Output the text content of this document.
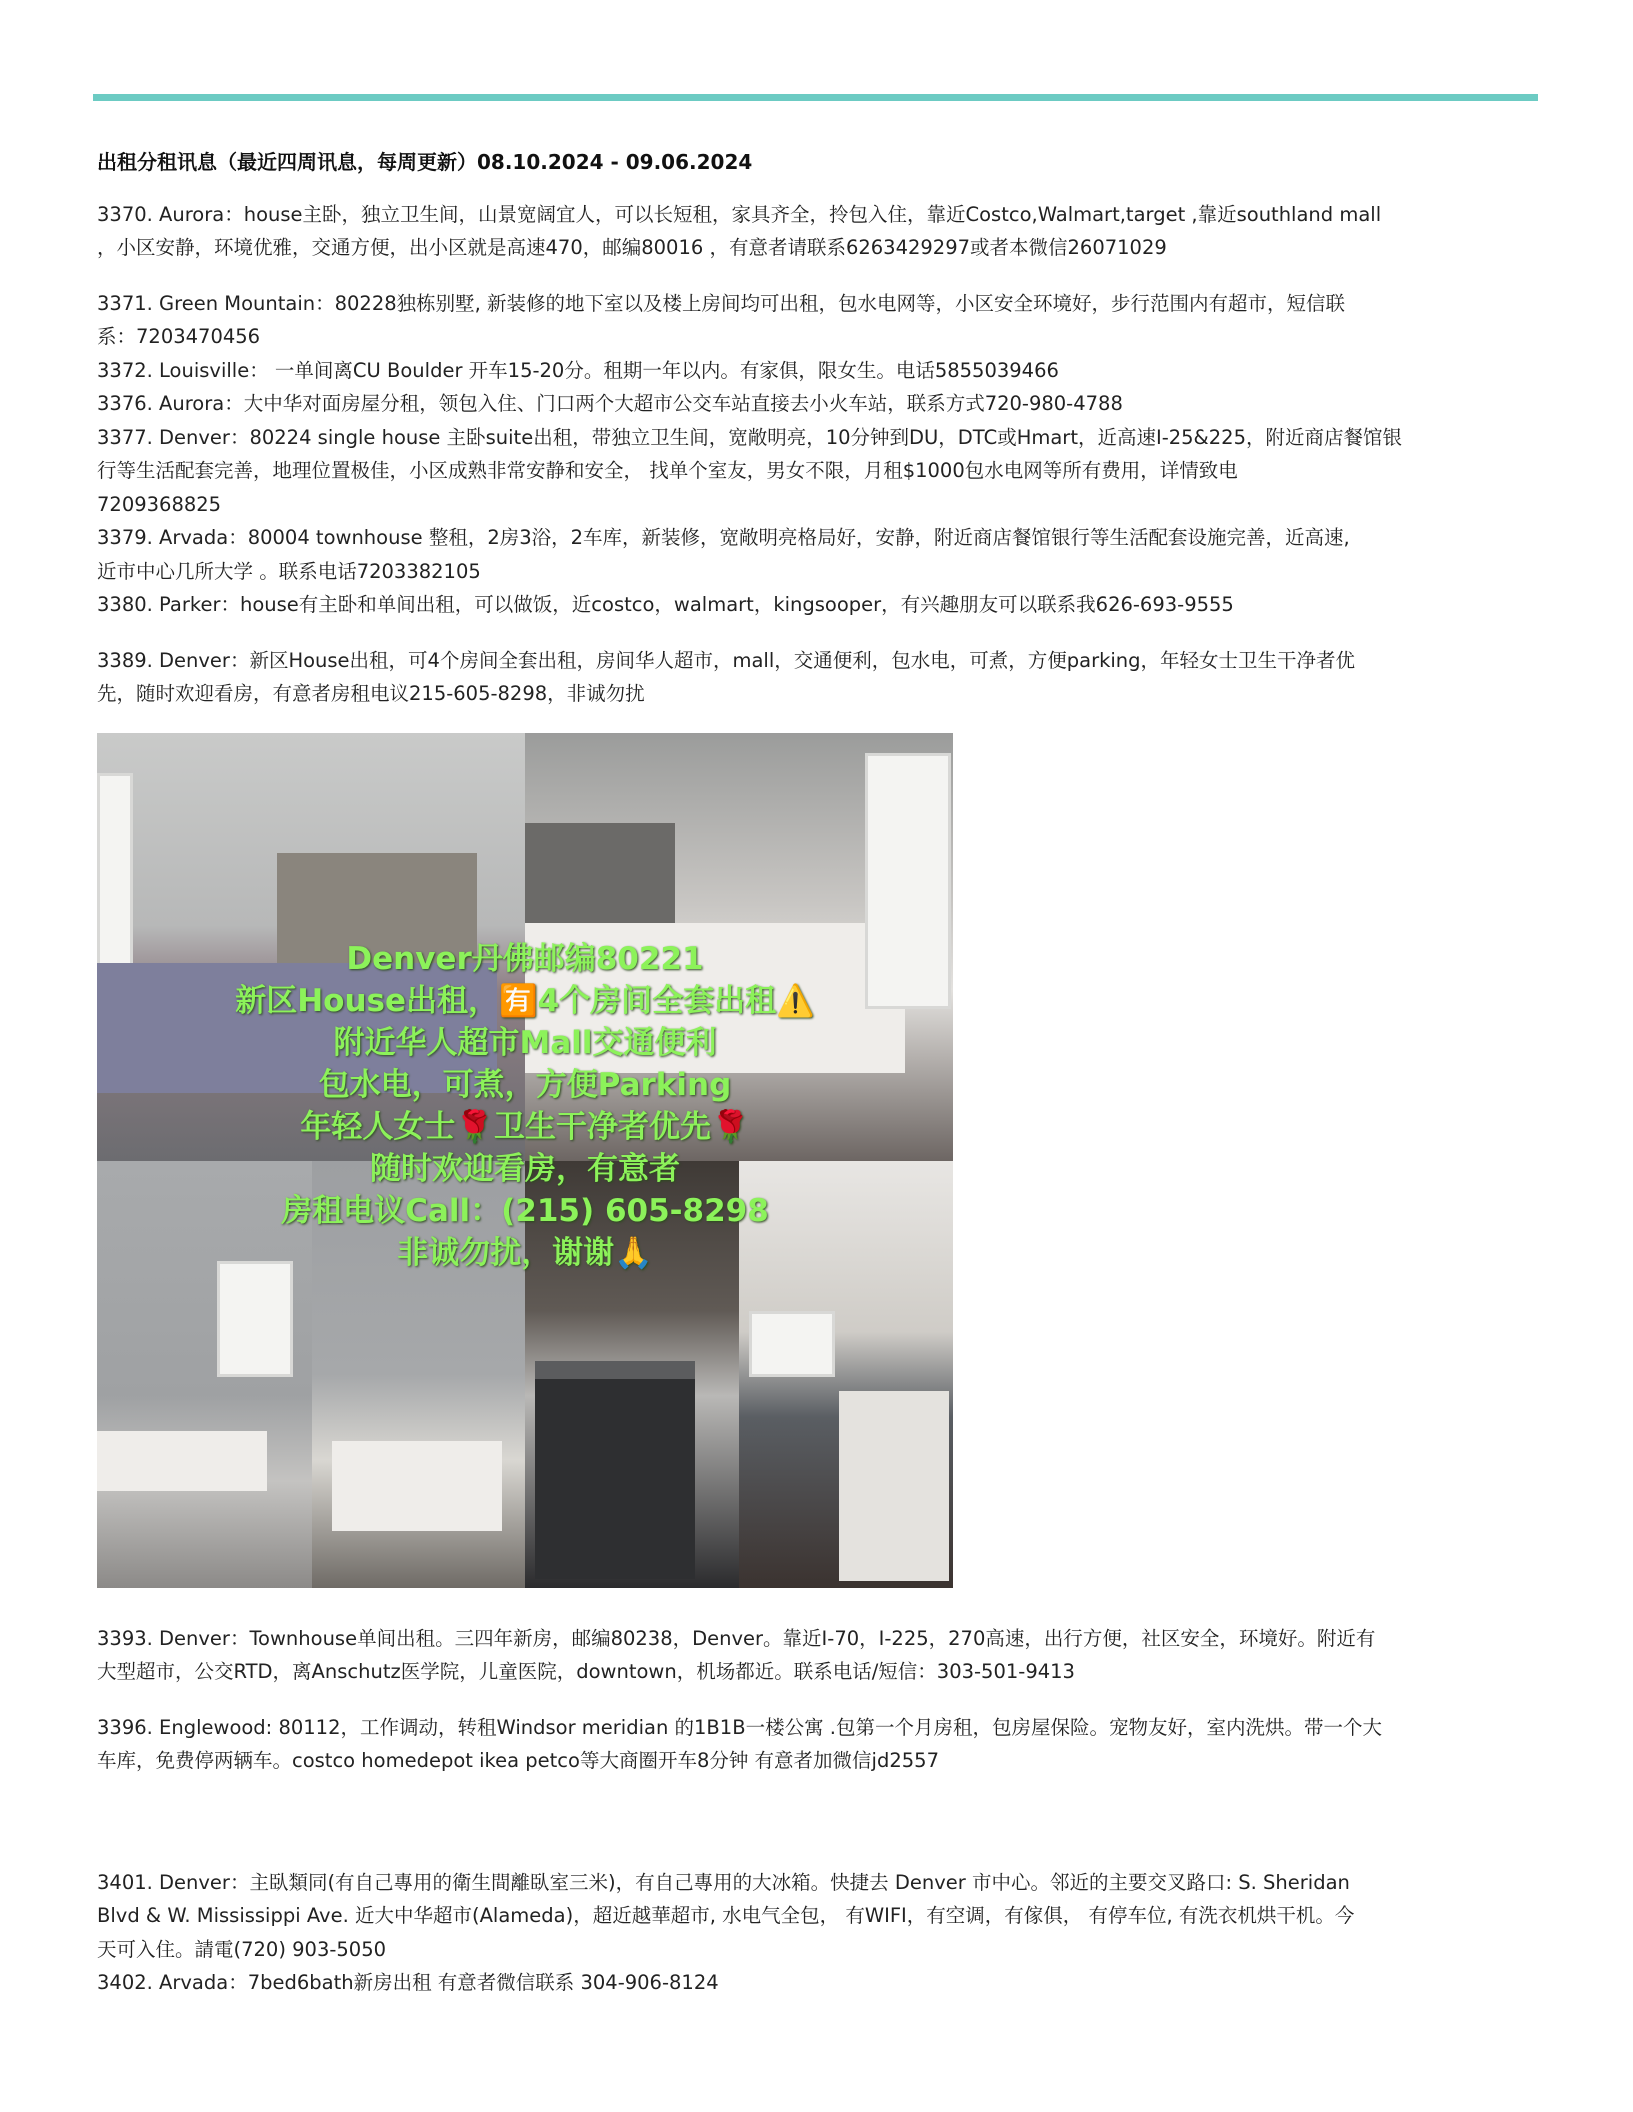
出租分租讯息（最近四周讯息，每周更新）08.10.2024 - 09.06.2024

3370. Aurora：house主卧，独立卫生间，山景宽阔宜人，可以长短租，家具齐全，拎包入住，靠近Costco,Walmart,target ,靠近southland mall

，小区安静，环境优雅，交通方便，出小区就是高速470，邮编80016 ，有意者请联系6263429297或者本微信26071029

3371. Green Mountain：80228独栋别墅, 新装修的地下室以及楼上房间均可出租，包水电网等，小区安全环境好，步行范围内有超市，短信联

系：7203470456

3372. Louisville： 一单间离CU Boulder 开车15-20分。租期一年以内。有家俱，限女生。电话5855039466

3376. Aurora：大中华对面房屋分租，领包入住、门口两个大超市公交车站直接去小火车站，联系方式720-980-4788

3377. Denver：80224 single house 主卧suite出租，带独立卫生间，宽敞明亮，10分钟到DU，DTC或Hmart，近高速I-25&225，附近商店餐馆银

行等生活配套完善，地理位置极佳，小区成熟非常安静和安全， 找单个室友，男女不限，月租$1000包水电网等所有费用，详情致电

7209368825

3379. Arvada：80004 townhouse 整租，2房3浴，2车库，新装修，宽敞明亮格局好，安静，附近商店餐馆银行等生活配套设施完善，近高速,

近市中心几所大学 。联系电话7203382105

3380. Parker：house有主卧和单间出租，可以做饭，近costco，walmart，kingsooper，有兴趣朋友可以联系我626-693-9555

3389. Denver：新区House出租，可4个房间全套出租，房间华人超市，mall，交通便利，包水电，可煮，方便parking，年轻女士卫生干净者优

先，随时欢迎看房，有意者房租电议215-605-8298，非诚勿扰

Denver丹佛邮编80221
新区House出租，🈶4个房间全套出租⚠️
附近华人超市Mall交通便利
包水电，可煮，方便Parking
年轻人女士🌹卫生干净者优先🌹
随时欢迎看房，有意者
房租电议Call：(215) 605-8298
非诚勿扰，谢谢🙏

3393. Denver：Townhouse单间出租。三四年新房，邮编80238，Denver。靠近I-70，I-225，270高速，出行方便，社区安全，环境好。附近有

大型超市，公交RTD，离Anschutz医学院，儿童医院，downtown，机场都近。联系电话/短信：303-501-9413

3396. Englewood: 80112，工作调动，转租Windsor meridian 的1B1B一楼公寓 .包第一个月房租，包房屋保险。宠物友好，室内洗烘。带一个大

车库，免费停两辆车。costco homedepot ikea petco等大商圈开车8分钟 有意者加微信jd2557

3401. Denver：主臥類同(有自己專用的衛生間離臥室三米)，有自己專用的大冰箱。快捷去 Denver 市中心。邻近的主要交叉路口: S. Sheridan

Blvd & W. Mississippi Ave. 近大中华超市(Alameda)，超近越華超市, 水电气全包， 有WIFI，有空调，有傢俱， 有停车位, 有洗衣机烘干机。今

天可入住。請電(720) 903-5050

3402. Arvada：7bed6bath新房出租 有意者微信联系 304-906-8124
